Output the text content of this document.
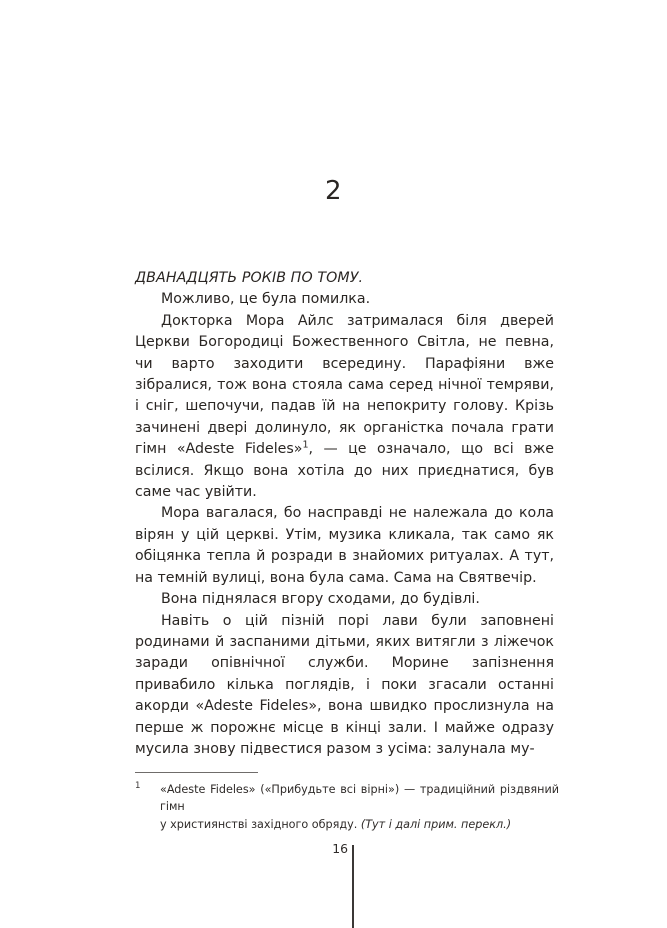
2

ДВАНАДЦЯТЬ РОКІВ ПО ТОМУ.

Можливо, це була помилка.

Докторка Мора Айлс затрималася біля дверей Церкви Богородиці Божественного Світла, не певна, чи варто заходити всередину. Парафіяни вже зібралися, тож вона стояла сама серед нічної темряви, і сніг, шепочучи, падав їй на непокриту голову. Крізь зачинені двері долинуло, як органістка почала грати гімн «Adeste Fideles»$^1$, — це означало, що всі вже всілися. Якщо вона хотіла до них приєднатися, був саме час увійти.

Мора вагалася, бо насправді не належала до кола вірян у цій церкві. Утім, музика кликала, так само як обіцянка тепла й розради в знайомих ритуалах. А тут, на темній вулиці, вона була сама. Сама на Святвечір.

Вона піднялася вгору сходами, до будівлі.

Навіть о цій пізній порі лави були заповнені родинами й заспаними дітьми, яких витягли з ліжечок заради опівнічної служби. Морине запізнення привабило кілька поглядів, і поки згасали останні акорди «Adeste Fideles», вона швидко прослизнула на перше ж порожнє місце в кінці зали. І майже одразу мусила знову підвестися разом з усіма: залунала му-

1 «Adeste Fideles» («Прибудьте всі вірні») — традиційний різдвяний гімн
у християнстві західного обряду. (Тут і далі прим. перекл.)
16
